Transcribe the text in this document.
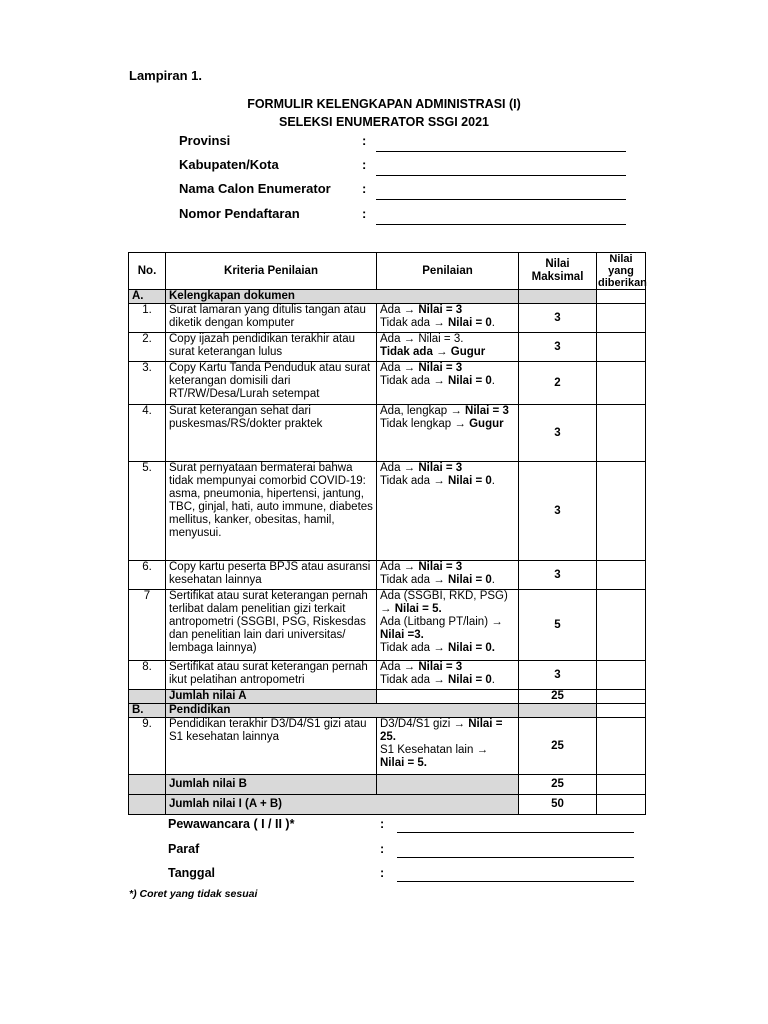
Lampiran 1.
FORMULIR KELENGKAPAN ADMINISTRASI (I)
SELEKSI ENUMERATOR SSGI 2021
Provinsi	:
Kabupaten/Kota	:
Nama Calon Enumerator :
Nomor Pendaftaran	:
No.	Kriteria Penilaian	Penilaian	Nilai Maksimal	Nilai yang diberikan
A.	Kelengkapan dokumen			
1.	Surat lamaran yang ditulis tangan atau diketik dengan komputer	Ada → Nilai = 3
Tidak ada → Nilai = 0.	3	
2.	Copy ijazah pendidikan terakhir atau surat keterangan lulus	Ada → Nilai = 3.
Tidak ada → Gugur	3	
3.	Copy Kartu Tanda Penduduk atau surat keterangan domisili dari RT/RW/Desa/Lurah setempat	Ada → Nilai = 3
Tidak ada → Nilai = 0.	2	
4.	Surat keterangan sehat dari puskesmas/RS/dokter praktek	Ada, lengkap → Nilai = 3
Tidak lengkap → Gugur	3	
5.	Surat pernyataan bermaterai bahwa tidak mempunyai comorbid COVID-19: asma, pneumonia, hipertensi, jantung, TBC, ginjal, hati, auto immune, diabetes mellitus, kanker, obesitas, hamil, menyusui.	Ada → Nilai = 3
Tidak ada → Nilai = 0.	3	
6.	Copy kartu peserta BPJS atau asuransi kesehatan lainnya	Ada → Nilai = 3
Tidak ada → Nilai = 0.	3	
7	Sertifikat atau surat keterangan pernah terlibat dalam penelitian gizi terkait antropometri (SSGBI, PSG, Riskesdas dan penelitian lain dari universitas/ lembaga lainnya)	Ada (SSGBI, RKD, PSG) → Nilai = 5.
Ada (Litbang PT/lain) → Nilai =3.
Tidak ada → Nilai = 0.	5	
8.	Sertifikat atau surat keterangan pernah ikut pelatihan antropometri	Ada → Nilai = 3
Tidak ada → Nilai = 0.	3	
	Jumlah nilai A		25	
B.	Pendidikan			
9.	Pendidikan terakhir D3/D4/S1 gizi atau S1 kesehatan lainnya	D3/D4/S1 gizi → Nilai = 25.
S1 Kesehatan lain → Nilai = 5.	25	
	Jumlah nilai B		25	
	Jumlah nilai I (A + B)		50	
Pewawancara ( I / II )*	:
Paraf	:
Tanggal	:
*) Coret yang tidak sesuai
